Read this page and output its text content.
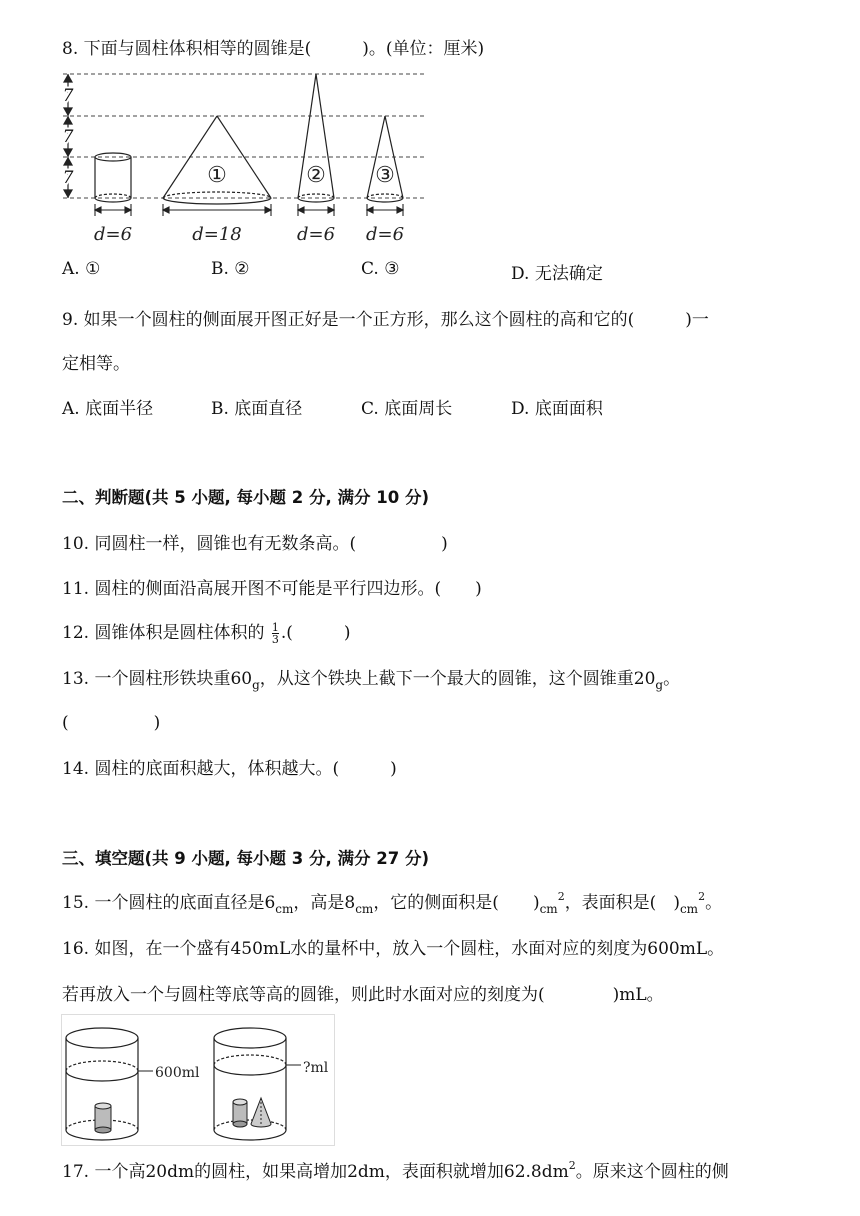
8. 下面与圆柱体积相等的圆锥是(　　　)。(单位：厘米)
7
7
7	①	② ③
d=6	d=18	d=6 d=6
A. ①	B. ②	C. ③	D. 无法确定
9. 如果一个圆柱的侧面展开图正好是一个正方形，那么这个圆柱的高和它的(　　　)一
定相等。
A. 底面半径	B. 底面直径	C. 底面周长	D. 底面面积
二、判断题(共 5 小题, 每小题 2 分, 满分 10 分)
10. 同圆柱一样，圆锥也有无数条高。(　　　　　)
11. 圆柱的侧面沿高展开图不可能是平行四边形。(　　)
12. 圆锥体积是圆柱体积的 $\frac{1}{3}$ .(　　　)
13. 一个圆柱形铁块重$60_g$，从这个铁块上截下一个最大的圆锥，这个圆锥重$20_g$。
(　　　　　)
14. 圆柱的底面积越大，体积越大。(　　　)
三、填空题(共 9 小题, 每小题 3 分, 满分 27 分)
15. 一个圆柱的底面直径是$6_{cm}$，高是$8_{cm}$，它的侧面积是(　　)$_{cm}^2$，表面积是(　)$_{cm}^2$。
16. 如图，在一个盛有450mL水的量杯中，放入一个圆柱，水面对应的刻度为600mL。
若再放入一个与圆柱等底等高的圆锥，则此时水面对应的刻度为(　　　　)mL。
600ml	?ml
17. 一个高20dm的圆柱，如果高增加2dm，表面积就增加$62.8dm^2$。原来这个圆柱的侧
